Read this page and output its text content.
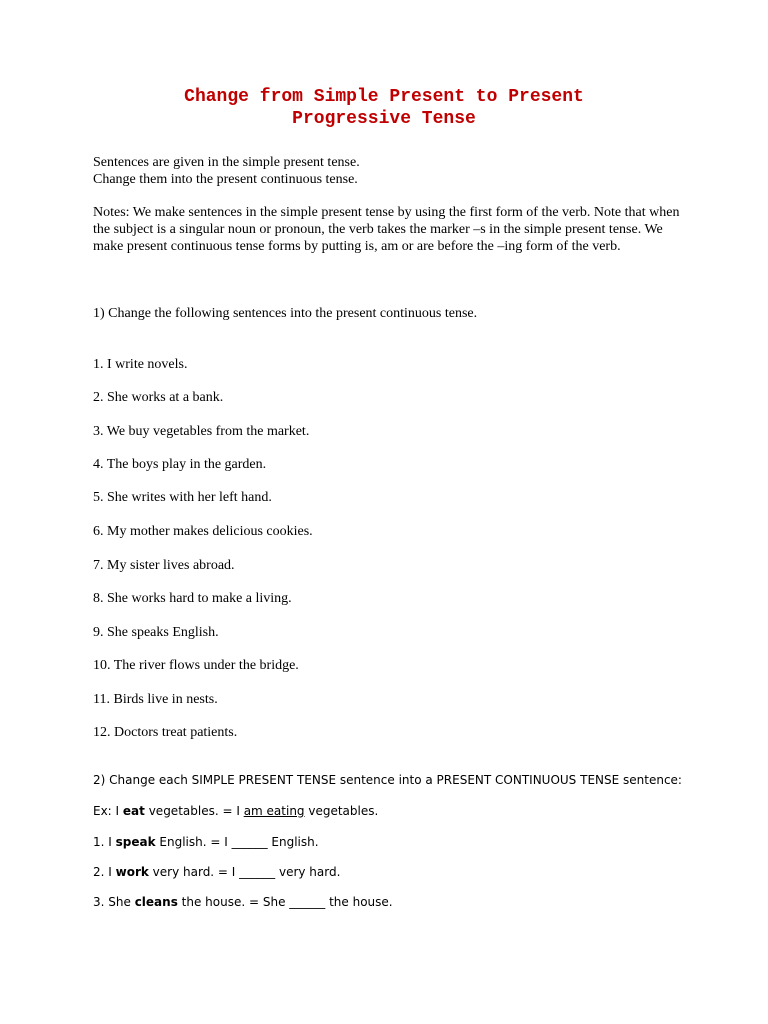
Change from Simple Present to Present
Progressive Tense
Sentences are given in the simple present tense.
Change them into the present continuous tense.
Notes: We make sentences in the simple present tense by using the first form of the verb. Note that when the subject is a singular noun or pronoun, the verb takes the marker –s in the simple present tense. We make present continuous tense forms by putting is, am or are before the –ing form of the verb.
1) Change the following sentences into the present continuous tense.
1. I write novels.
2. She works at a bank.
3. We buy vegetables from the market.
4. The boys play in the garden.
5. She writes with her left hand.
6. My mother makes delicious cookies.
7. My sister lives abroad.
8. She works hard to make a living.
9. She speaks English.
10. The river flows under the bridge.
11. Birds live in nests.
12. Doctors treat patients.
2) Change each SIMPLE PRESENT TENSE sentence into a PRESENT CONTINUOUS TENSE sentence:
Ex: I eat vegetables. = I am eating vegetables.
1. I speak English. = I ______ English.
2. I work very hard. = I ______ very hard.
3. She cleans the house. = She ______ the house.
